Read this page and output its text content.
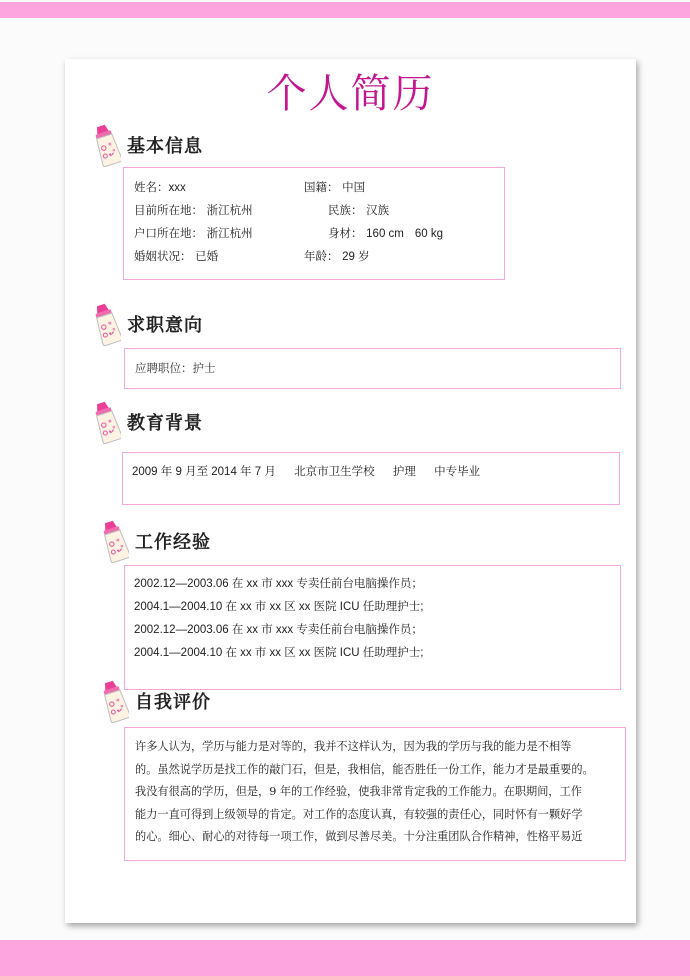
个人简历
基本信息
姓名：xxx	国籍： 中国
目前所在地： 浙江杭州	民族： 汉族
户口所在地： 浙江杭州	身材： 160 cm 60 kg
婚姻状况： 已婚	年龄： 29 岁
求职意向
应聘职位：护士
教育背景
2009 年 9 月至 2014 年 7 月 北京市卫生学校 护理 中专毕业
工作经验
2002.12—2003.06 在 xx 市 xxx 专卖任前台电脑操作员；
2004.1—2004.10 在 xx 市 xx 区 xx 医院 ICU 任助理护士;
2002.12—2003.06 在 xx 市 xxx 专卖任前台电脑操作员；
2004.1—2004.10 在 xx 市 xx 区 xx 医院 ICU 任助理护士;
自我评价
许多人认为，学历与能力是对等的，我并不这样认为，因为我的学历与我的能力是不相等
的。虽然说学历是找工作的敲门石，但是，我相信，能否胜任一份工作，能力才是最重要的。
我没有很高的学历，但是，9 年的工作经验，使我非常肯定我的工作能力。在职期间，工作
能力一直可得到上级领导的肯定。对工作的态度认真，有较强的责任心，同时怀有一颗好学
的心。细心、耐心的对待每一项工作，做到尽善尽美。十分注重团队合作精神，性格平易近
